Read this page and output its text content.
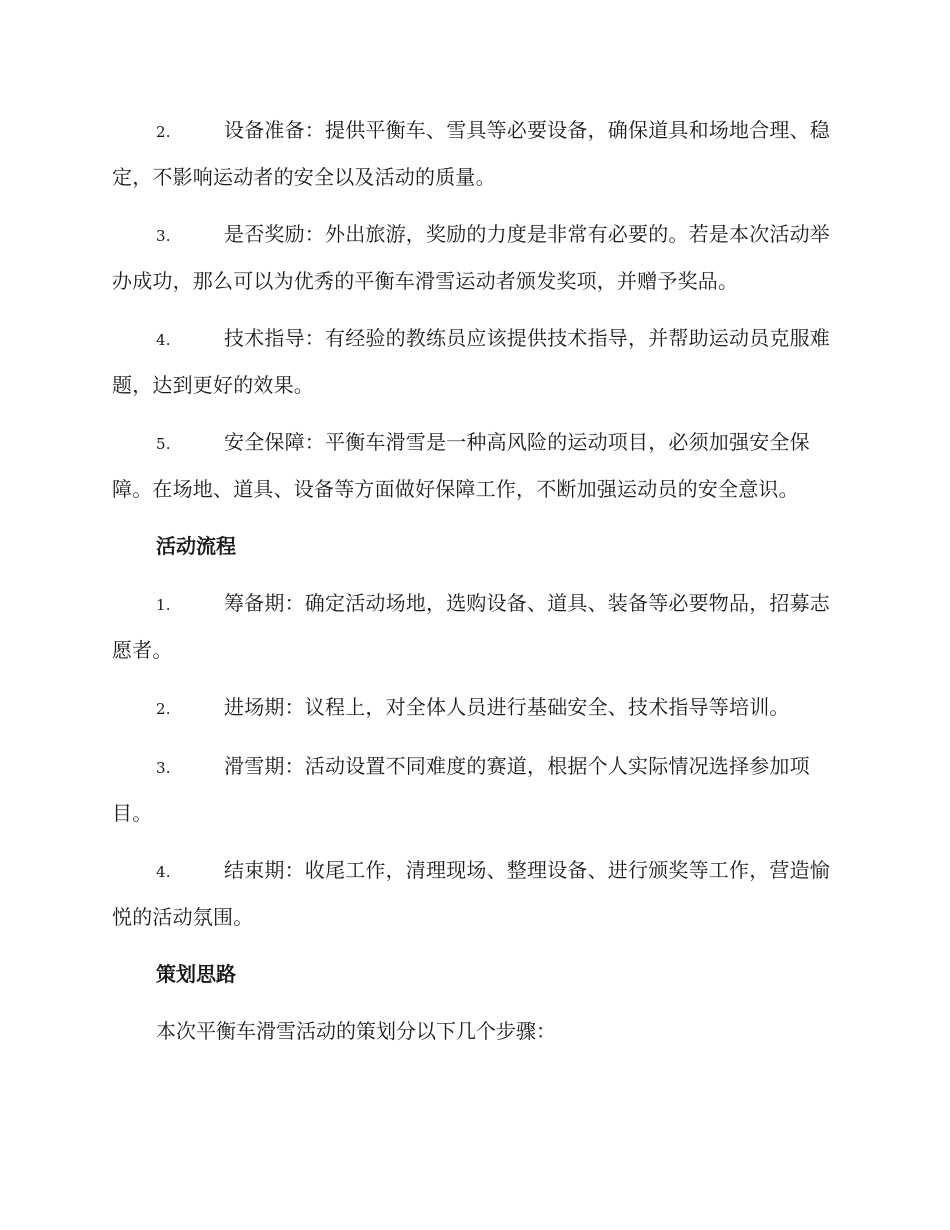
2.	设备准备：提供平衡车、雪具等必要设备，确保道具和场地合理、稳定，不影响运动者的安全以及活动的质量。

3.	是否奖励：外出旅游，奖励的力度是非常有必要的。若是本次活动举办成功，那么可以为优秀的平衡车滑雪运动者颁发奖项，并赠予奖品。

4.	技术指导：有经验的教练员应该提供技术指导，并帮助运动员克服难题，达到更好的效果。

5.	安全保障：平衡车滑雪是一种高风险的运动项目，必须加强安全保障。在场地、道具、设备等方面做好保障工作，不断加强运动员的安全意识。

活动流程

1.	筹备期：确定活动场地，选购设备、道具、装备等必要物品，招募志愿者。

2.	进场期：议程上，对全体人员进行基础安全、技术指导等培训。

3.	滑雪期：活动设置不同难度的赛道，根据个人实际情况选择参加项目。

4.	结束期：收尾工作，清理现场、整理设备、进行颁奖等工作，营造愉悦的活动氛围。

策划思路

本次平衡车滑雪活动的策划分以下几个步骤：
